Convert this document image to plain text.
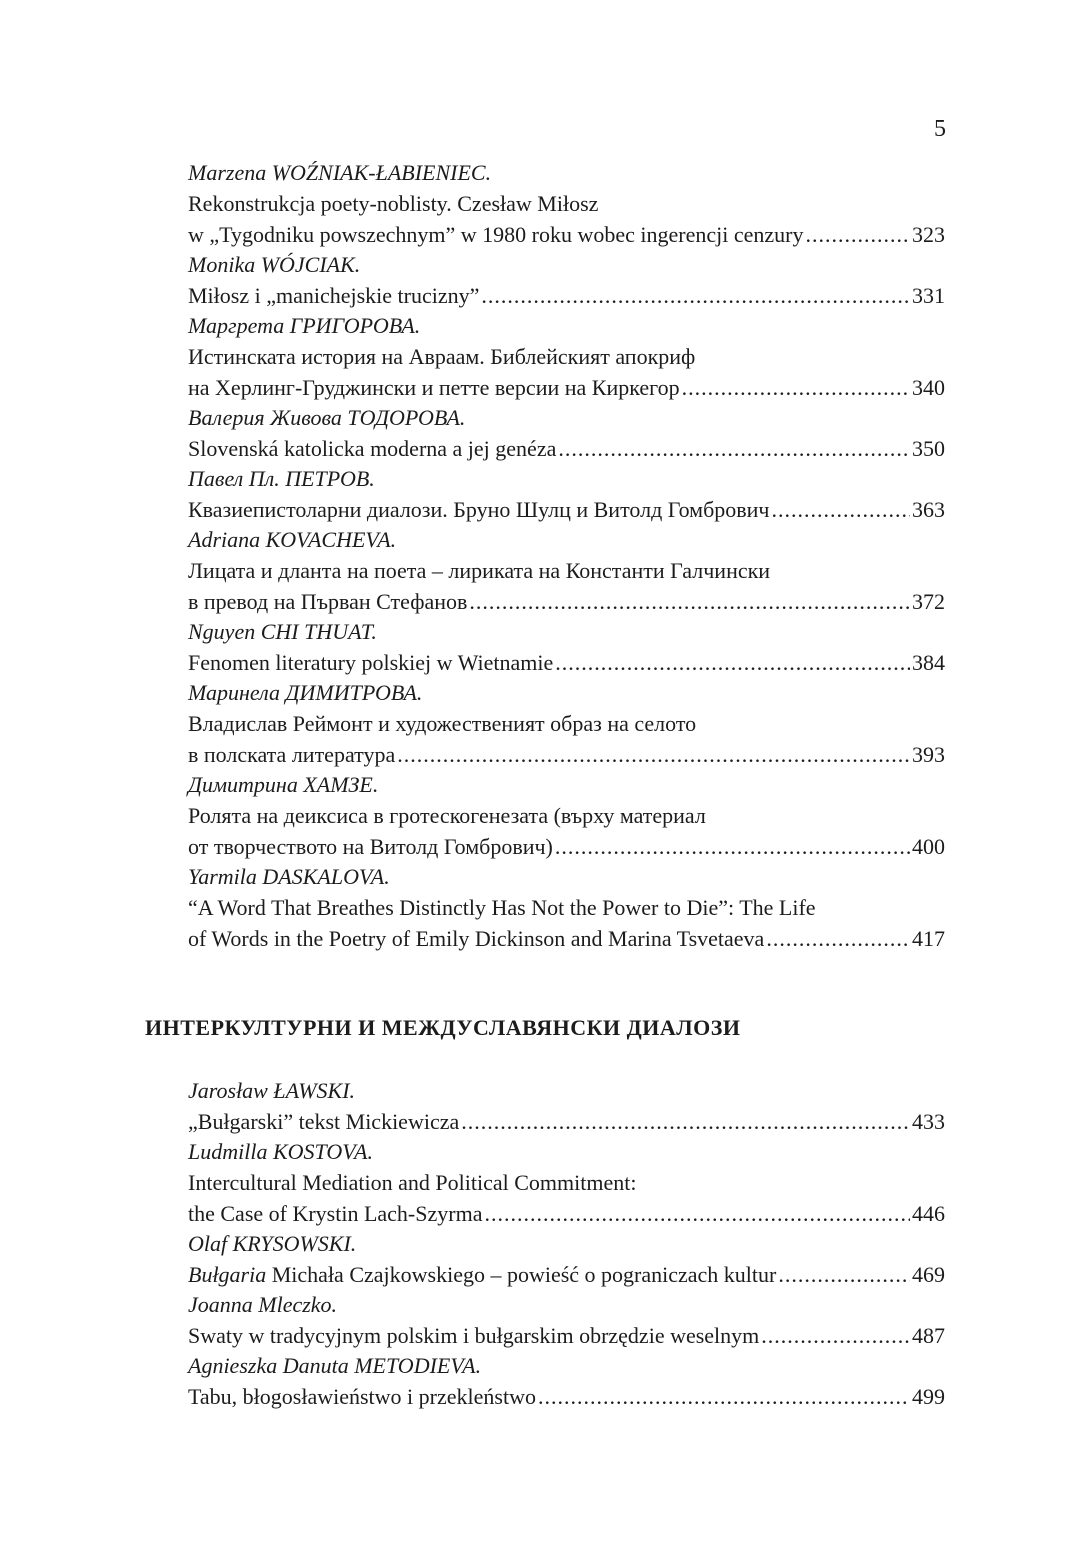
5
Marzena WOŹNIAK-ŁABIENIEC.
Rekonstrukcja poety-noblisty. Czesław Miłosz
w „Tygodniku powszechnym” w 1980 roku wobec ingerencji cenzury .....	323
Monika WÓJCIAK.
Miłosz i „manichejskie trucizny” .....	331
Маргрета ГРИГОРОВА.
Истинската история на Авраам. Библейският апокриф
на Херлинг-Груджински и петте версии на Киркегор .....	340
Валерия Живова ТОДОРОВА.
Slovenská katolicka moderna a jej genéza .....	350
Павел Пл. ПЕТРОВ.
Квазиепистоларни диалози. Бруно Шулц и Витолд Гомбрович .....	363
Adriana KOVACHEVA.
Лицата и дланта на поета – лириката на Константи Галчински
в превод на Първан Стефанов .....	372
Nguyen CHI THUAT.
Fenomen literatury polskiej w Wietnamie .....	384
Маринела ДИМИТРОВА.
Владислав Реймонт и художественият образ на селото
в полската литература .....	393
Димитрина ХАМЗЕ.
Ролята на деиксиса в гротескогенезата (върху материал
от творчеството на Витолд Гомбрович) .....	400
Yarmila DASKALOVA.
“A Word That Breathes Distinctly Has Not the Power to Die”: The Life
of Words in the Poetry of Emily Dickinson and Marina Tsvetaeva .....	417
ИНТЕРКУЛТУРНИ И МЕЖДУСЛАВЯНСКИ ДИАЛОЗИ
Jarosław ŁAWSKI.
„Bułgarski” tekst Mickiewicza .....	433
Ludmilla KOSTOVA.
Intercultural Mediation and Political Commitment:
the Case of Krystin Lach-Szyrma .....	446
Olaf KRYSOWSKI.
Bułgaria Michała Czajkowskiego – powieść o pograniczach kultur .....	469
Joanna Mleczko.
Swaty w tradycyjnym polskim i bułgarskim obrzędzie weselnym .....	487
Agnieszka Danuta METODIEVA.
Tabu, błogosławieństwo i przekleństwo .....	499
